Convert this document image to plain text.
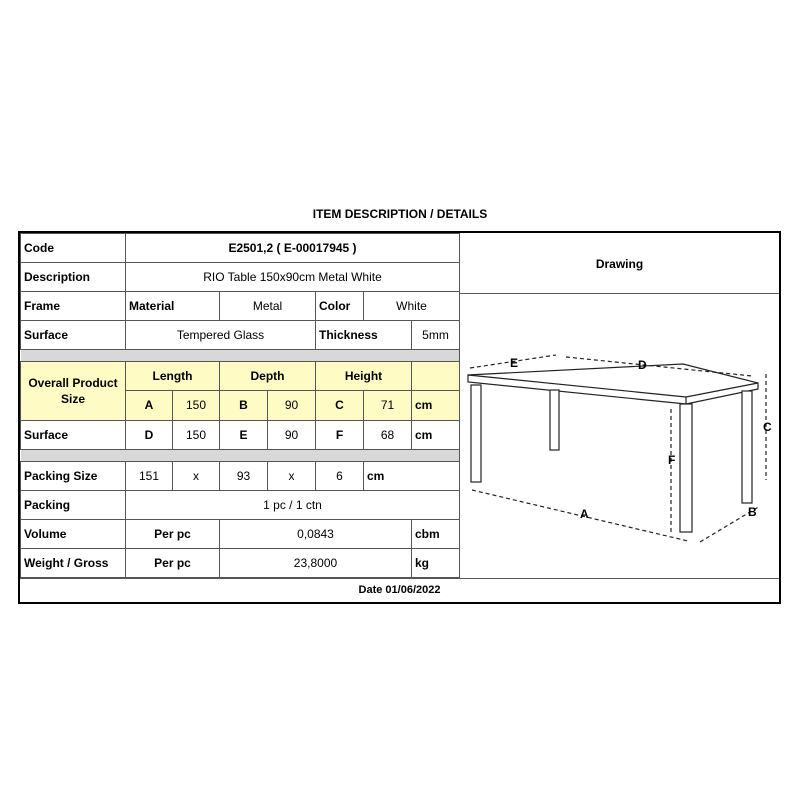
ITEM DESCRIPTION / DETAILS
Code	E2501,2 ( E-00017945 )						
Description	RIO Table 150x90cm Metal White						
Frame	Material		Metal		Color	White	
Surface	Tempered Glass				Thickness		5mm

Overall Product Size	Length		Depth		Height		
	A	150	B	90	C	71	cm
Surface	D	150	E	90	F	68	cm

Packing Size	151	x	93	x	6	cm	
Packing	1 pc / 1 ctn						
Volume	Per pc		0,0843				cbm
Weight / Gross	Per pc		23,8000				kg
Drawing
E	D
C
F
A	B
Date 01/06/2022
